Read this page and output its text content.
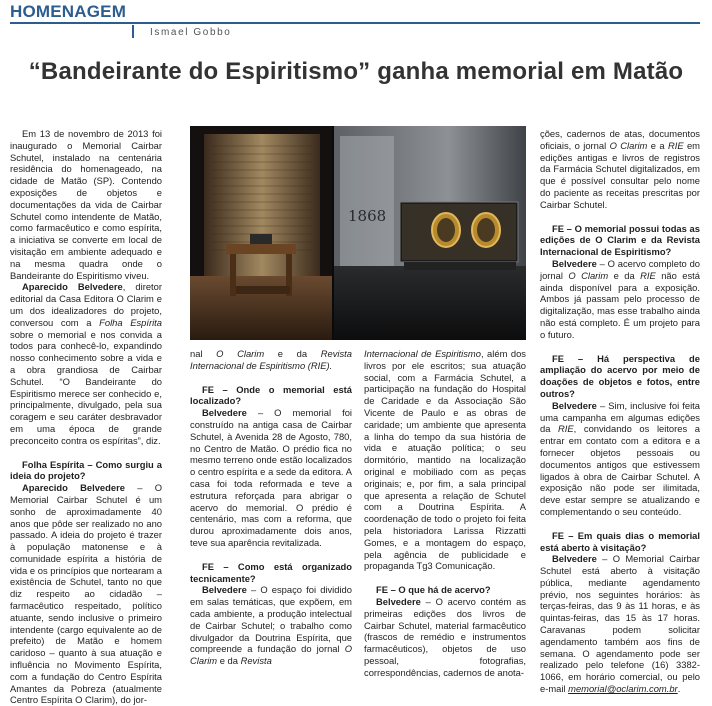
HOMENAGEM
Ismael Gobbo
“Bandeirante do Espiritismo” ganha memorial em Matão

Em 13 de novembro de 2013 foi inaugurado o Memorial Cairbar Schutel, instalado na centenária residência do homenageado, na cidade de Matão (SP). Contendo exposições de objetos e documentações da vida de Cairbar Schutel como intendente de Matão, como farmacêutico e como espírita, a iniciativa se converte em local de visitação em ambiente adequado e na mesma quadra onde o Bandeirante do Espiritismo viveu.

Aparecido Belvedere, diretor editorial da Casa Editora O Clarim e um dos idealizadores do projeto, conversou com a Folha Espírita sobre o memorial e nos convida a todos para conhecê-lo, expandindo nosso conhecimento sobre a vida e a obra grandiosa de Cairbar Schutel. “O Bandeirante do Espiritismo merece ser conhecido e, principalmente, divulgado, pela sua coragem e seu caráter desbravador em uma época de grande preconceito contra os espíritas”, diz.

Folha Espírita – Como surgiu a ideia do projeto?

Aparecido Belvedere – O Memorial Cairbar Schutel é um sonho de aproximadamente 40 anos que pôde ser realizado no ano passado. A ideia do projeto é trazer à população matonense e à comunidade espírita a história de vida e os princípios que nortearam a existência de Schutel, tanto no que diz respeito ao cidadão – farmacêutico respeitado, político atuante, sendo inclusive o primeiro intendente (cargo equivalente ao de prefeito) de Matão e homem caridoso – quanto à sua atuação e influência no Movimento Espírita, com a fundação do Centro Espírita Amantes da Pobreza (atualmente Centro Espírita O Clarim), do jor-

1868

nal O Clarim e da Revista Internacional de Espiritismo (RIE).

FE – Onde o memorial está localizado?

Belvedere – O memorial foi construído na antiga casa de Cairbar Schutel, à Avenida 28 de Agosto, 780, no Centro de Matão. O prédio fica no mesmo terreno onde estão localizados o centro espírita e a sede da editora. A casa foi toda reformada e teve a estrutura reforçada para abrigar o acervo do memorial. O prédio é centenário, mas com a reforma, que durou aproximadamente dois anos, teve sua aparência revitalizada.

FE – Como está organizado tecnicamente?

Belvedere – O espaço foi dividido em salas temáticas, que expõem, em cada ambiente, a produção intelectual de Cairbar Schutel; o trabalho como divulgador da Doutrina Espírita, que compreende a fundação do jornal O Clarim e da Revista

Internacional de Espiritismo, além dos livros por ele escritos; sua atuação social, com a Farmácia Schutel, a participação na fundação do Hospital de Caridade e da Associação São Vicente de Paulo e as obras de caridade; um ambiente que apresenta a linha do tempo da sua história de vida e atuação política; o seu dormitório, mantido na localização original e mobiliado com as peças originais; e, por fim, a sala principal que apresenta a relação de Schutel com a Doutrina Espírita. A coordenação de todo o projeto foi feita pela historiadora Larissa Rizzatti Gomes, e a montagem do espaço, pela agência de publicidade e propaganda Tg3 Comunicação.

FE – O que há de acervo?

Belvedere – O acervo contém as primeiras edições dos livros de Cairbar Schutel, material farmacêutico (frascos de remédio e instrumentos farmacêuticos), objetos de uso pessoal, fotografias, correspondências, cadernos de anota-

ções, cadernos de atas, documentos oficiais, o jornal O Clarim e a RIE em edições antigas e livros de registros da Farmácia Schutel digitalizados, em que é possível consultar pelo nome do paciente as receitas prescritas por Cairbar Schutel.

FE – O memorial possui todas as edições de O Clarim e da Revista Internacional de Espiritismo?

Belvedere – O acervo completo do jornal O Clarim e da RIE não está ainda disponível para a exposição. Ambos já passam pelo processo de digitalização, mas esse trabalho ainda não está completo. É um projeto para o futuro.

FE – Há perspectiva de ampliação do acervo por meio de doações de objetos e fotos, entre outros?

Belvedere – Sim, inclusive foi feita uma campanha em algumas edições da RIE, convidando os leitores a entrar em contato com a editora e a fornecer objetos pessoais ou documentos antigos que estivessem ligados à obra de Cairbar Schutel. A exposição não pode ser ilimitada, deve estar sempre se atualizando e complementando o seu conteúdo.

FE – Em quais dias o memorial está aberto à visitação?

Belvedere – O Memorial Cairbar Schutel está aberto à visitação pública, mediante agendamento prévio, nos seguintes horários: às terças-feiras, das 9 às 11 horas, e às quintas-feiras, das 15 às 17 horas. Caravanas podem solicitar agendamento também aos fins de semana. O agendamento pode ser realizado pelo telefone (16) 3382-1066, em horário comercial, ou pelo e-mail memorial@oclarim.com.br.
